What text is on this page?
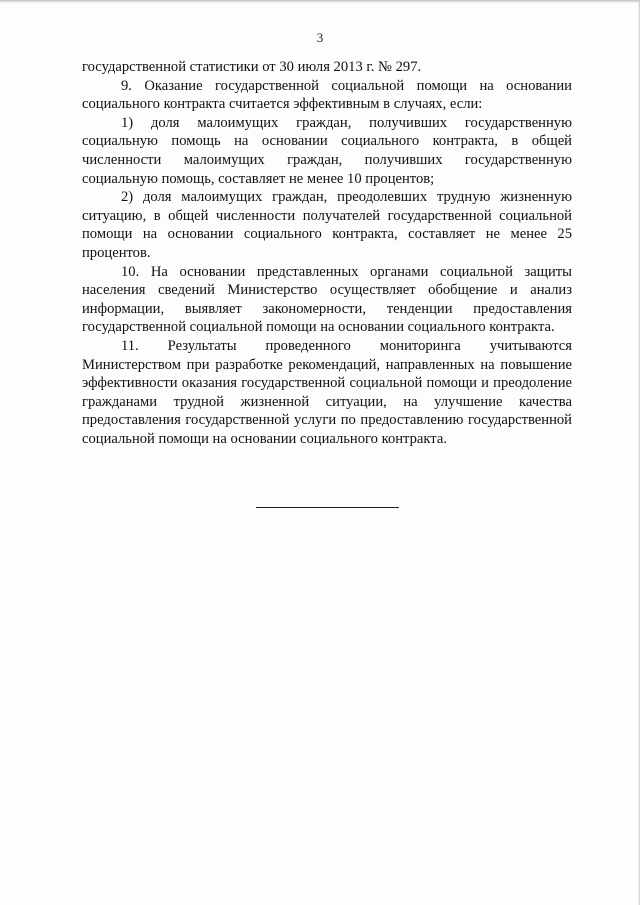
3

государственной статистики от 30 июля 2013 г. № 297.

9. Оказание государственной социальной помощи на основании социального контракта считается эффективным в случаях, если:

1) доля малоимущих граждан, получивших государственную социальную помощь на основании социального контракта, в общей численности малоимущих граждан, получивших государственную социальную помощь, составляет не менее 10 процентов;

2) доля малоимущих граждан, преодолевших трудную жизненную ситуацию, в общей численности получателей государственной социальной помощи на основании социального контракта, составляет не менее 25 процентов.

10. На основании представленных органами социальной защиты населения сведений Министерство осуществляет обобщение и анализ информации, выявляет закономерности, тенденции предоставления государственной социальной помощи на основании социального контракта.

11. Результаты проведенного мониторинга учитываются Министерством при разработке рекомендаций, направленных на повышение эффективности оказания государственной социальной помощи и преодоление гражданами трудной жизненной ситуации, на улучшение качества предоставления государственной услуги по предоставлению государственной социальной помощи на основании социального контракта.
